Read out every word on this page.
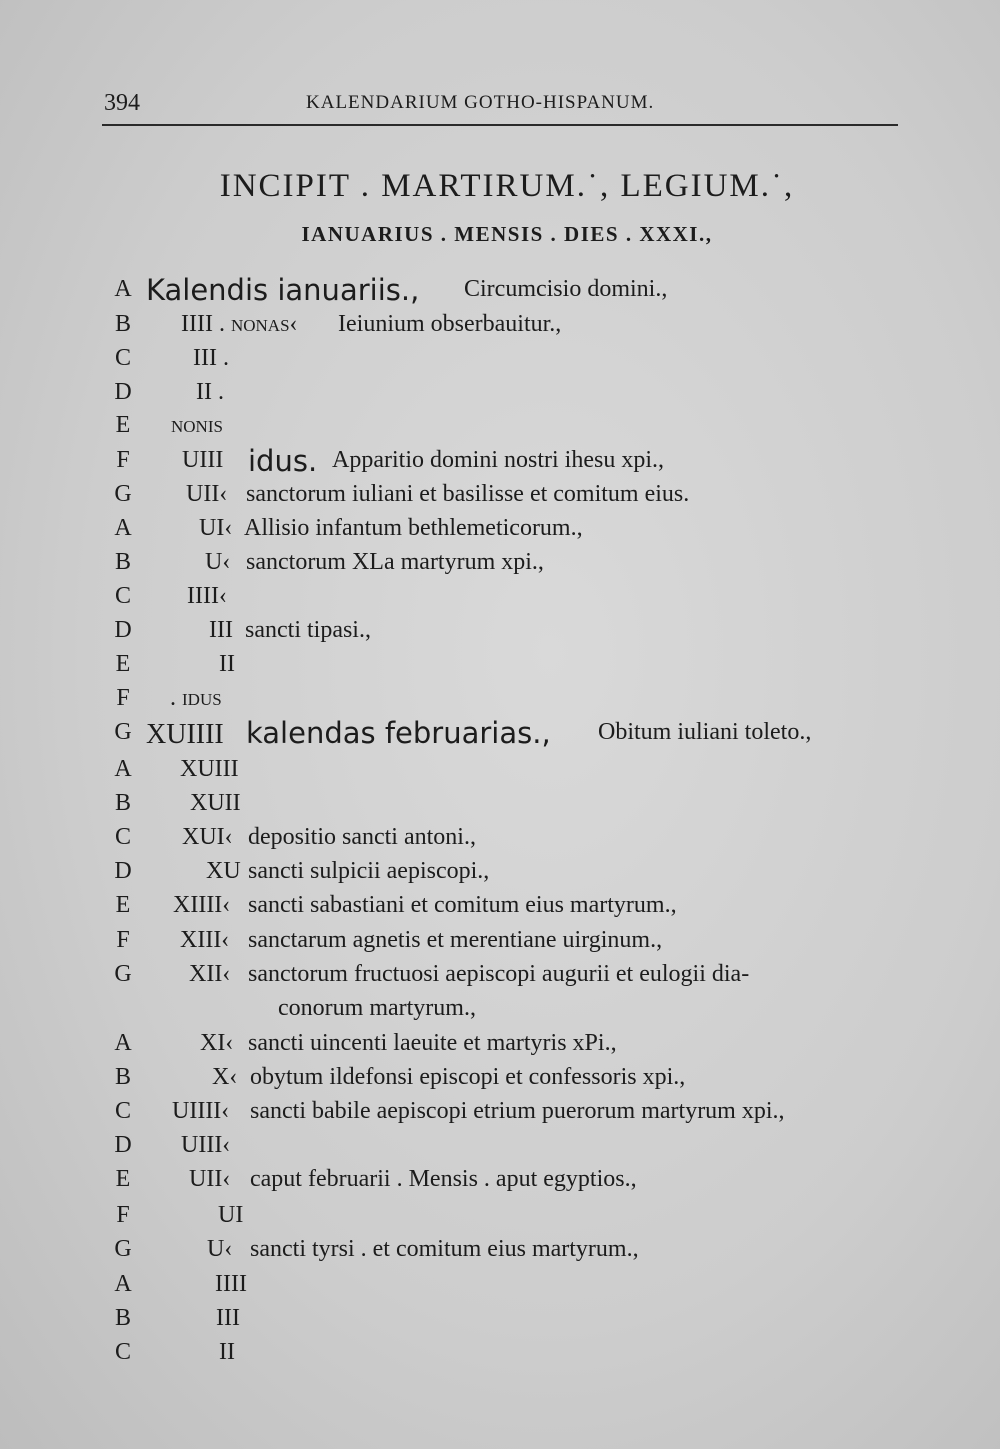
394	KALENDARIUM GOTHO-HISPANUM.
INCIPIT . MARTIRUM.˙, LEGIUM.˙,
IANUARIUS . MENSIS . DIES . XXXI.,
A Kalendis ianuariis., Circumcisio domini.,
B IIII . nonas‹ Ieiunium obserbauitur.,
C	III .
D	II .
E	nonis
F	UIII idus. Apparitio domini nostri ihesu xpi.,
G UII‹ sanctorum iuliani et basilisse et comitum eius.
A	UI‹ Allisio infantum bethlemeticorum.,
B	U‹ sanctorum XLa martyrum xpi.,
C IIII‹
D	III sancti tipasi.,
E	II
F	. idus
G XUIIII kalendas februarias., Obitum iuliani toleto.,
A XUIII
B XUII
C XUI‹ depositio sancti antoni.,
D	XU sancti sulpicii aepiscopi.,
E	XIIII‹ sancti sabastiani et comitum eius martyrum.,
F	XIII‹ sanctarum agnetis et merentiane uirginum.,
G XII‹ sanctorum fructuosi aepiscopi augurii et eulogii dia-
conorum martyrum.,
A	XI‹ sancti uincenti laeuite et martyris xPi.,
B	X‹ obytum ildefonsi episcopi et confessoris xpi.,
C UIIII‹ sancti babile aepiscopi etrium puerorum martyrum xpi.,
D UIII‹
E	UII‹ caput februarii . Mensis . aput egyptios.,
F	UI
G	U‹ sancti tyrsi . et comitum eius martyrum.,
A	IIII
B	III
C	II
